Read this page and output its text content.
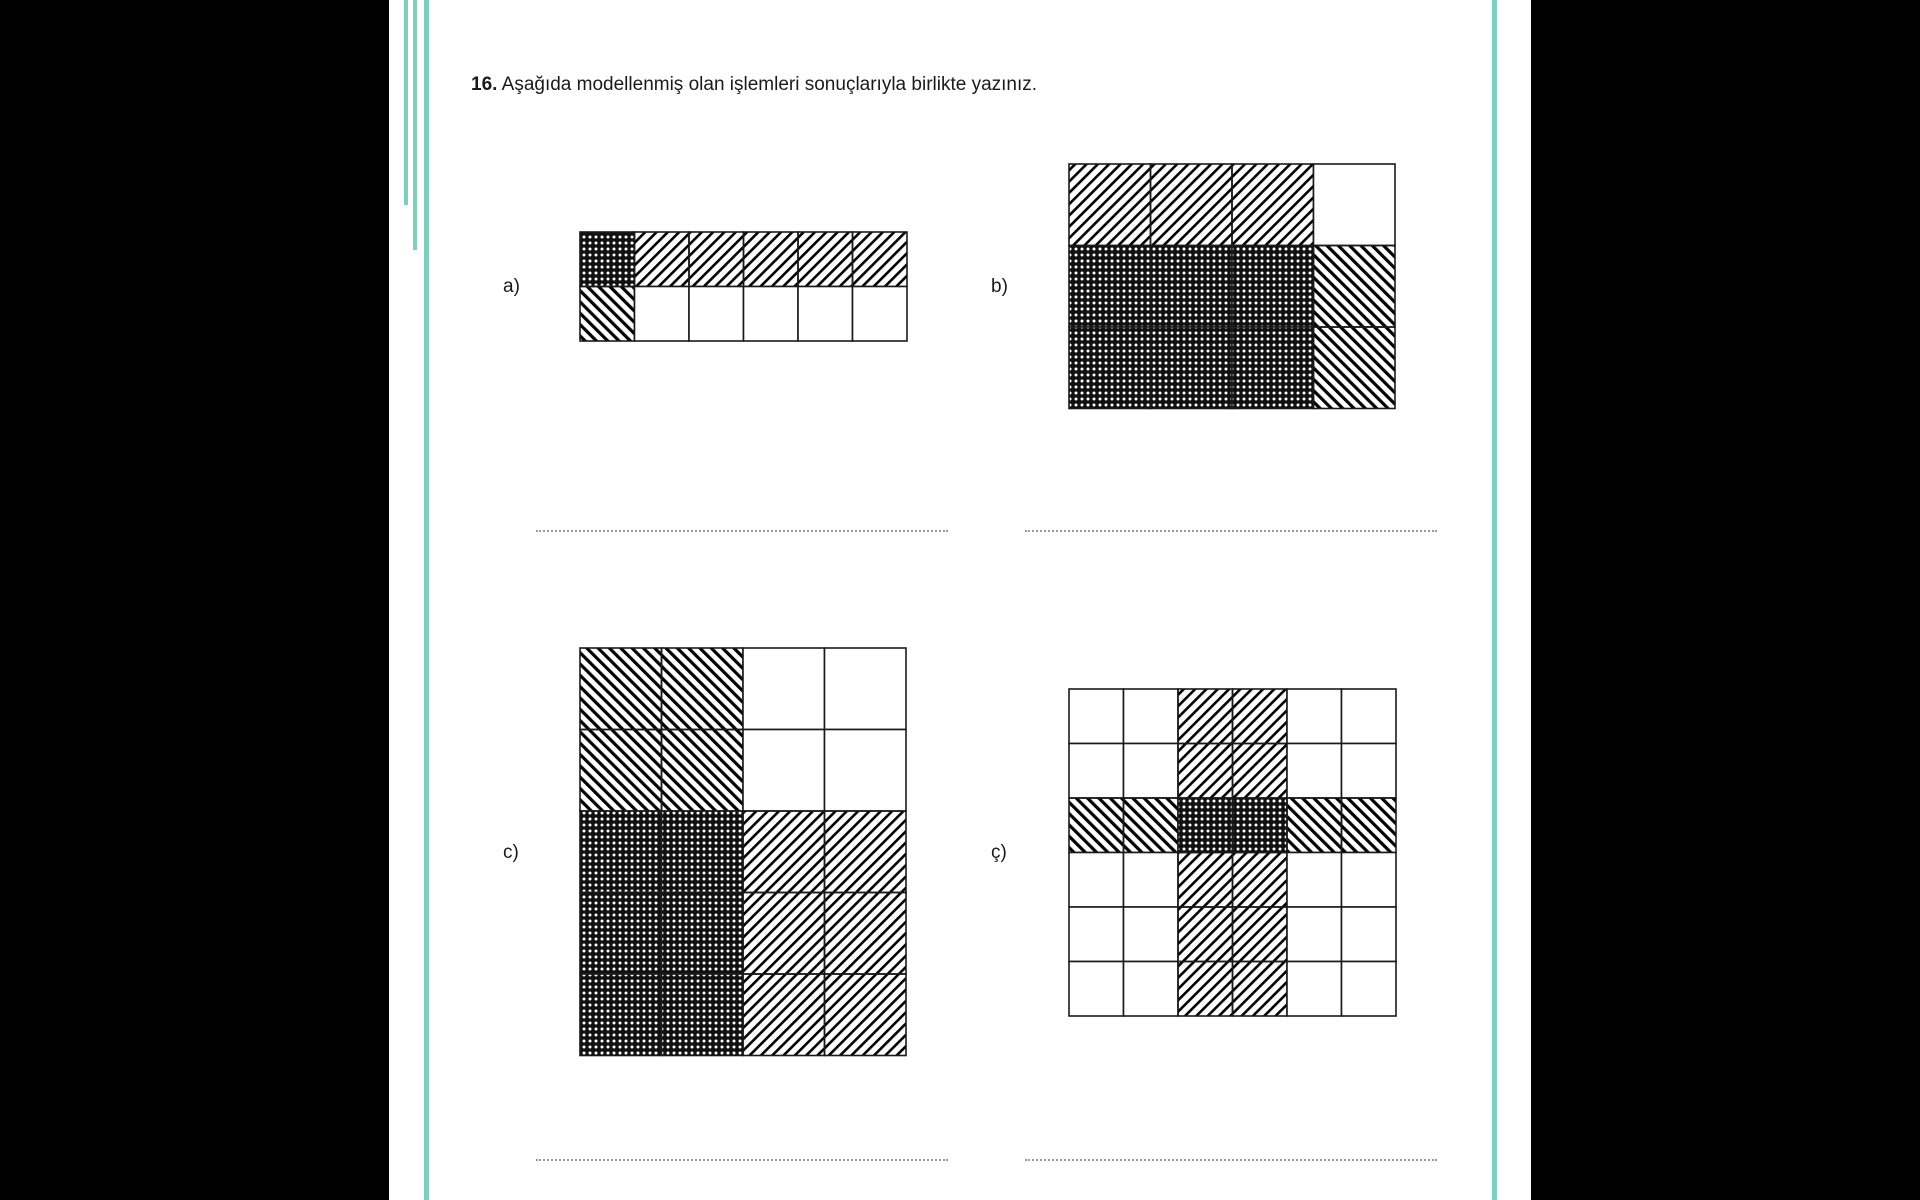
16. Aşağıda modellenmiş olan işlemleri sonuçlarıyla birlikte yazınız.
a)	b)
c)	ç)
